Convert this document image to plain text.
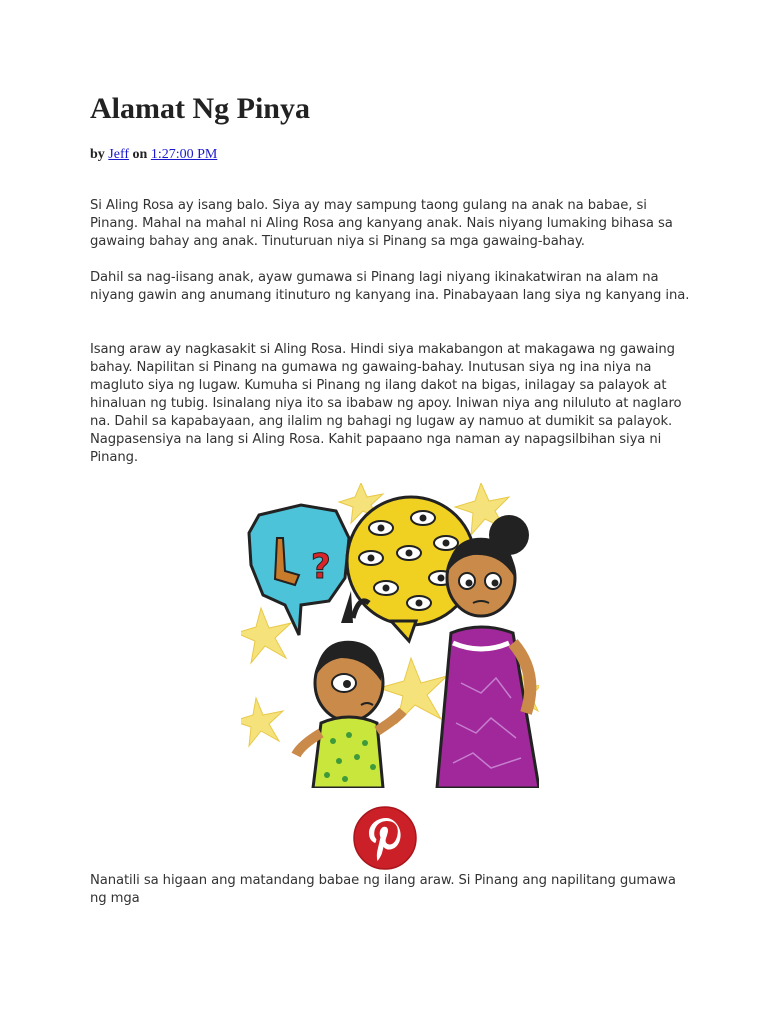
Alamat Ng Pinya
by Jeff on 1:27:00 PM

Si Aling Rosa ay isang balo. Siya ay may sampung taong gulang na anak na babae, si Pinang. Mahal na mahal ni Aling Rosa ang kanyang anak. Nais niyang lumaking bihasa sa gawaing bahay ang anak. Tinuturuan niya si Pinang sa mga gawaing-bahay.

Dahil sa nag-iisang anak, ayaw gumawa si Pinang lagi niyang ikinakatwiran na alam na niyang gawin ang anumang itinuturo ng kanyang ina. Pinabayaan lang siya ng kanyang ina.

Isang araw ay nagkasakit si Aling Rosa. Hindi siya makabangon at makagawa ng gawaing bahay. Napilitan si Pinang na gumawa ng gawaing-bahay. Inutusan siya ng ina niya na magluto siya ng lugaw. Kumuha si Pinang ng ilang dakot na bigas, inilagay sa palayok at hinaluan ng tubig. Isinalang niya ito sa ibabaw ng apoy. Iniwan niya ang niluluto at naglaro na. Dahil sa kapabayaan, ang ilalim ng bahagi ng lugaw ay namuo at dumikit sa palayok. Nagpasensiya na lang si Aling Rosa. Kahit papaano nga naman ay napagsilbihan siya ni Pinang.

?

Nanatili sa higaan ang matandang babae ng ilang araw. Si Pinang ang napilitang gumawa ng mga
